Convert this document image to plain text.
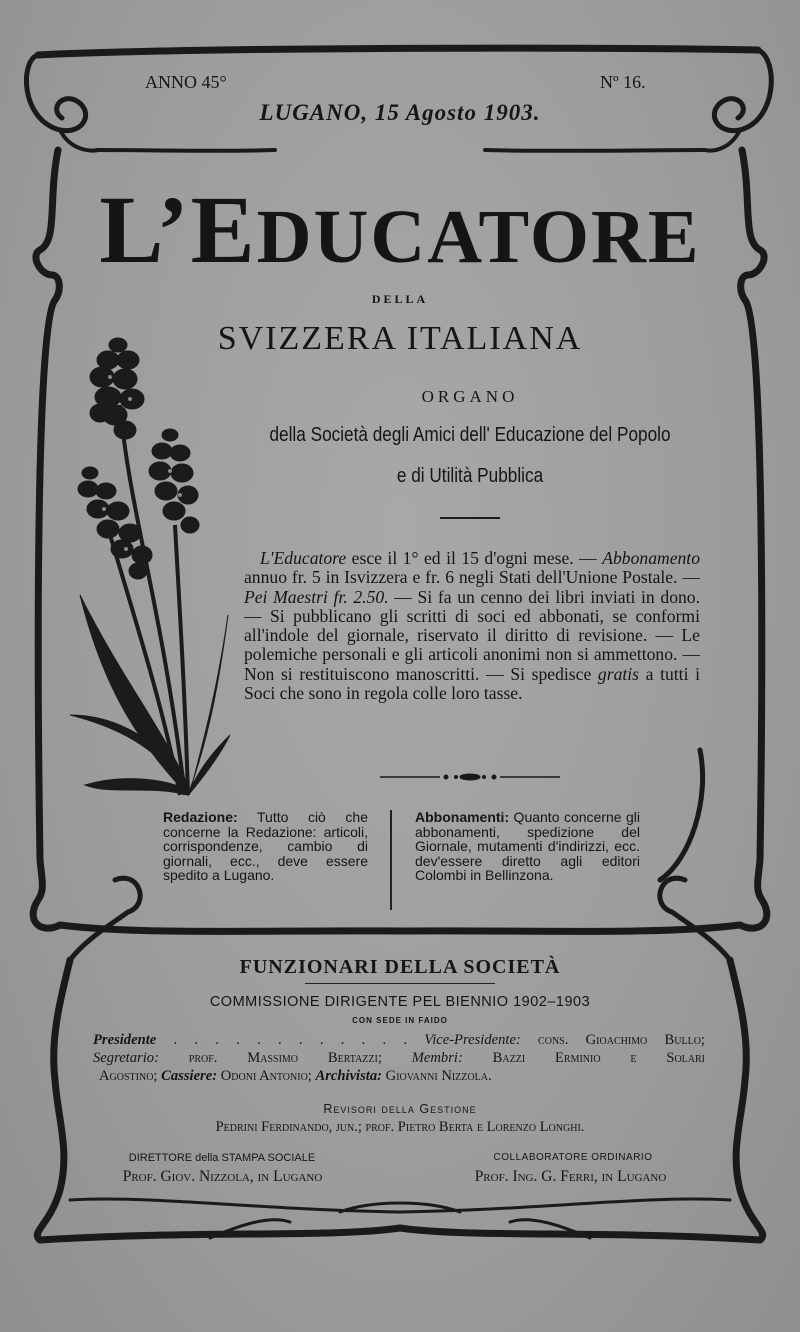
ANNO 45°	Nº 16.
LUGANO, 15 Agosto 1903.
L’EDUCATORE
DELLA
SVIZZERA ITALIANA
ORGANO
della Società degli Amici dell' Educazione del Popolo
e di Utilità Pubblica
L'Educatore esce il 1° ed il 15 d'ogni mese. — Abbonamento annuo fr. 5 in Isvizzera e fr. 6 negli Stati dell'Unione Postale. — Pei Maestri fr. 2.50. — Si fa un cenno dei libri inviati in dono. — Si pubblicano gli scritti di soci ed abbonati, se conformi all'indole del giornale, riservato il diritto di revisione. — Le polemiche personali e gli articoli anonimi non si ammettono. — Non si restituiscono manoscritti. — Si spedisce gratis a tutti i Soci che sono in regola colle loro tasse.
Redazione: Tutto ciò che concerne la Redazione: articoli, corrispondenze, cambio di giornali, ecc., deve essere spedito a Lugano.
Abbonamenti: Quanto concerne gli abbonamenti, spedizione del Giornale, mutamenti d'indirizzi, ecc. dev'essere diretto agli editori Colombi in Bellinzona.
FUNZIONARI DELLA SOCIETÀ
COMMISSIONE DIRIGENTE PEL BIENNIO 1902–1903
CON SEDE IN FAIDO
Presidente . . . . . . . . . . . . Vice-Presidente: cons. Gioachimo Bullo;
Segretario: prof. Massimo Bertazzi; Membri: Bazzi Erminio e Solari
Agostino; Cassiere: Odoni Antonio; Archivista: Giovanni Nizzola.
Revisori della Gestione
Pedrini Ferdinando, jun.; prof. Pietro Berta e Lorenzo Longhi.
DIRETTORE della STAMPA SOCIALE
Prof. Giov. Nizzola, in Lugano
COLLABORATORE ORDINARIO
Prof. Ing. G. Ferri, in Lugano
